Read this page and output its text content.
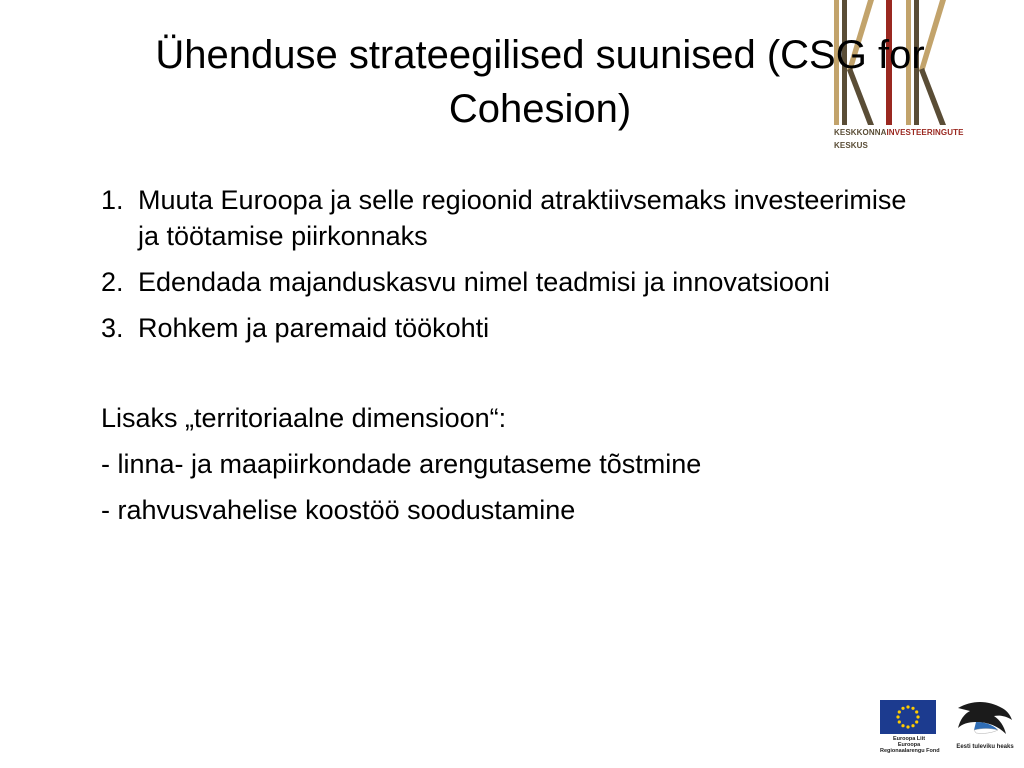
KESKKONNAINVESTEERINGUTE
KESKUS
Ühenduse strateegilised suunised (CSG for Cohesion)
1. Muuta Euroopa ja selle regioonid atraktiivsemaks investeerimise ja töötamise piirkonnaks
2. Edendada majanduskasvu nimel teadmisi ja innovatsiooni
3. Rohkem ja paremaid töökohti
Lisaks „territoriaalne dimensioon“:
- linna- ja maapiirkondade arengutaseme tõstmine
- rahvusvahelise koostöö soodustamine
Euroopa Liit
Euroopa
Regionaalarengu Fond
Eesti tuleviku heaks
